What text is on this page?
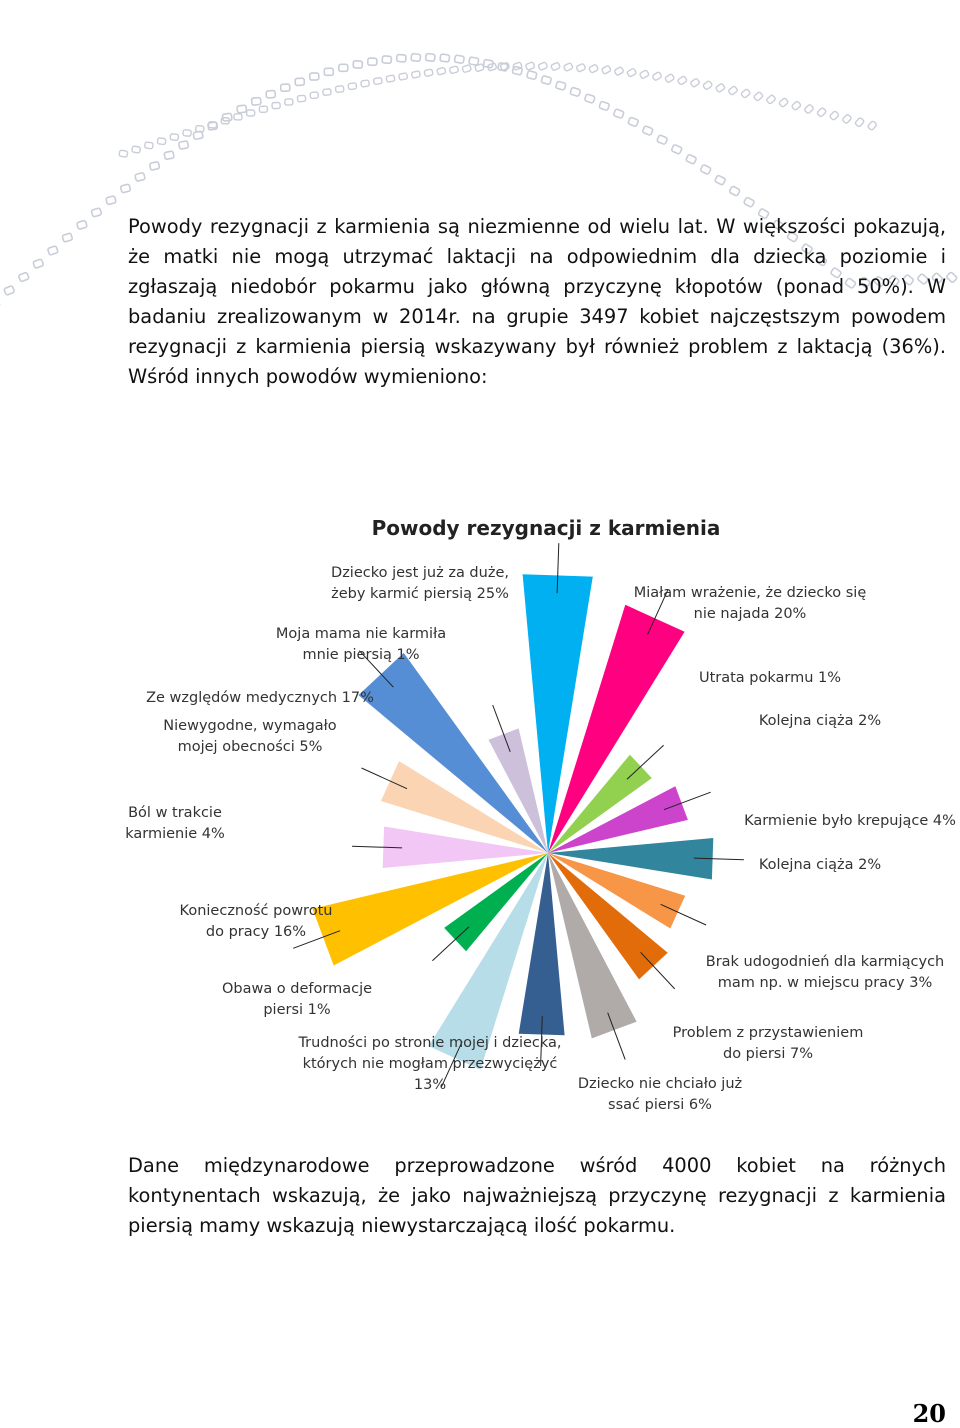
Powody rezygnacji z karmienia są niezmienne od wielu lat. W większości pokazują, że matki nie mogą utrzymać laktacji na odpowiednim dla dziecka poziomie i zgłaszają niedobór pokarmu jako główną przyczynę kłopotów (ponad 50%). W badaniu zrealizowanym w 2014r. na grupie 3497 kobiet najczęstszym powodem rezygnacji z karmienia piersią wskazywany był również problem z laktacją (36%). Wśród innych powodów wymieniono:

Powody rezygnacji z karmienia
Dziecko jest już za duże, żeby karmić piersią 25%	Miałam wrażenie, że dziecko się nie najada 20%
Utrata pokarmu 1%
Kolejna ciąża 2%
Karmienie było krepujące 4%
Kolejna ciąża 2%
Brak udogodnień dla karmiących mam np. w miejscu pracy 3%
Problem z przystawieniem do piersi 7%
Dziecko nie chciało już ssać piersi 6%
Trudności po stronie mojej i dziecka, których nie mogłam przezwyciężyć 13%
Obawa o deformacje piersi 1%
Konieczność powrotu do pracy 16%
Ból w trakcie karmienie 4%
Niewygodne, wymagało mojej obecności 5%
Ze względów medycznych 17%
Moja mama nie karmiła mnie piersią 1%

Dane międzynarodowe przeprowadzone wśród 4000 kobiet na różnych kontynentach wskazują, że jako najważniejszą przyczynę rezygnacji z karmienia piersią mamy wskazują niewystarczającą ilość pokarmu.

20
